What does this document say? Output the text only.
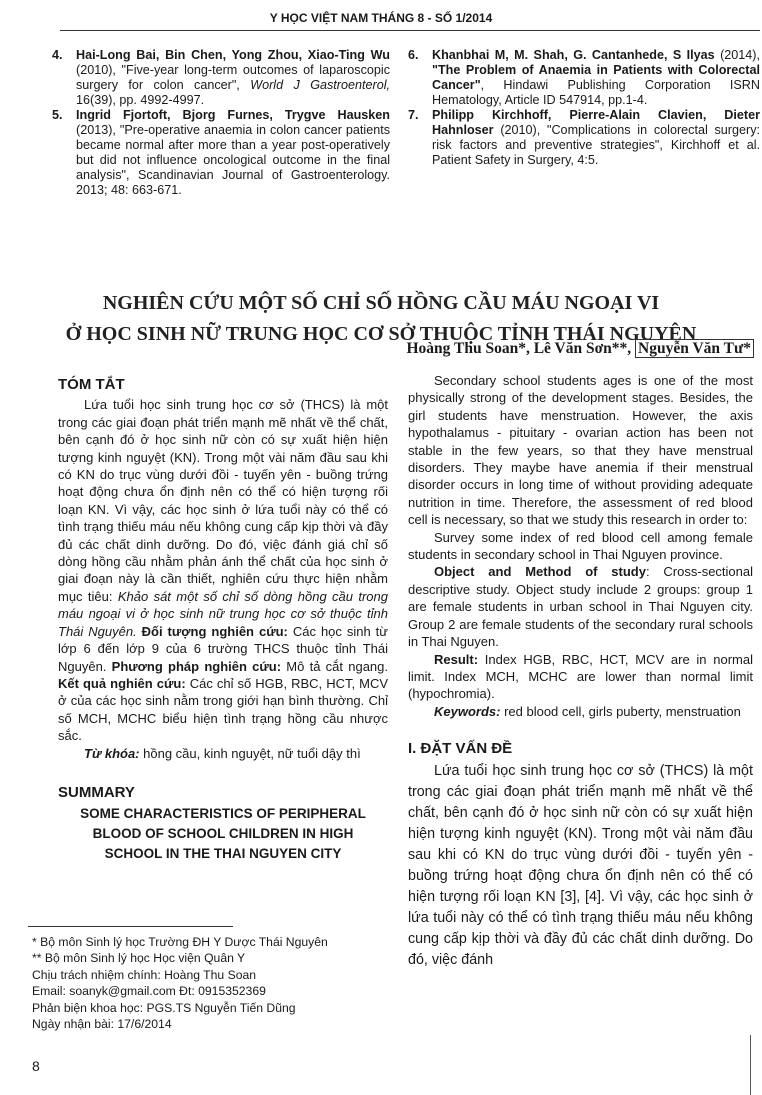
Y HỌC VIỆT NAM THÁNG 8 - SỐ 1/2014
4.	Hai-Long Bai, Bin Chen, Yong Zhou, Xiao-Ting Wu (2010), "Five-year long-term outcomes of laparoscopic surgery for colon cancer", World J Gastroenterol, 16(39), pp. 4992-4997.
5.	Ingrid Fjortoft, Bjorg Furnes, Trygve Hausken (2013), "Pre-operative anaemia in colon cancer patients became normal after more than a year post-operatively but did not influence oncological outcome in the final analysis", Scandinavian Journal of Gastroenterology. 2013; 48: 663-671.
6.	Khanbhai M, M. Shah, G. Cantanhede, S Ilyas (2014), "The Problem of Anaemia in Patients with Colorectal Cancer", Hindawi Publishing Corporation ISRN Hematology, Article ID 547914, pp.1-4.
7.	Philipp Kirchhoff, Pierre-Alain Clavien, Dieter Hahnloser (2010), "Complications in colorectal surgery: risk factors and preventive strategies", Kirchhoff et al. Patient Safety in Surgery, 4:5.
NGHIÊN CỨU MỘT SỐ CHỈ SỐ HỒNG CẦU MÁU NGOẠI VI
Ở HỌC SINH NỮ TRUNG HỌC CƠ SỞ THUỘC TỈNH THÁI NGUYÊN
Hoàng Thu Soan*, Lê Văn Sơn**, Nguyễn Văn Tư*
TÓM TẮT

Lứa tuổi học sinh trung học cơ sở (THCS) là một trong các giai đoạn phát triển mạnh mẽ nhất về thể chất, bên cạnh đó ở học sinh nữ còn có sự xuất hiện hiện tượng kinh nguyệt (KN). Trong một vài năm đầu sau khi có KN do trục vùng dưới đồi - tuyến yên - buồng trứng hoạt động chưa ổn định nên có thể có hiện tượng rối loạn KN. Vì vậy, các học sinh ở lứa tuổi này có thể có tình trạng thiếu máu nếu không cung cấp kịp thời và đầy đủ các chất dinh dưỡng. Do đó, việc đánh giá chỉ số dòng hồng cầu nhằm phản ánh thể chất của học sinh ở giai đoạn này là cần thiết, nghiên cứu thực hiện nhằm mục tiêu: Khảo sát một số chỉ số dòng hồng cầu trong máu ngoại vi ở học sinh nữ trung học cơ sở thuộc tỉnh Thái Nguyên. Đối tượng nghiên cứu: Các học sinh từ lớp 6 đến lớp 9 của 6 trường THCS thuộc tỉnh Thái Nguyên. Phương pháp nghiên cứu: Mô tả cắt ngang. Kết quả nghiên cứu: Các chỉ số HGB, RBC, HCT, MCV ở của các học sinh nằm trong giới hạn bình thường. Chỉ số MCH, MCHC biểu hiện tình trạng hồng cầu nhược sắc.

Từ khóa: hồng cầu, kinh nguyệt, nữ tuổi dậy thì

SUMMARY
SOME CHARACTERISTICS OF PERIPHERAL BLOOD OF SCHOOL CHILDREN IN HIGH SCHOOL IN THE THAI NGUYEN CITY

Secondary school students ages is one of the most physically strong of the development stages. Besides, the girl students have menstruation. However, the axis hypothalamus - pituitary - ovarian action has been not stable in the few years, so that they have menstrual disorders. They maybe have anemia if their menstrual disorder occurs in long time of without providing adequate nutrition in time. Therefore, the assessment of red blood cell is necessary, so that we study this research in order to:

Survey some index of red blood cell among female students in secondary school in Thai Nguyen province.

Object and Method of study: Cross-sectional descriptive study. Object study include 2 groups: group 1 are female students in urban school in Thai Nguyen city. Group 2 are female students of the secondary rural schools in Thai Nguyen.

Result: Index HGB, RBC, HCT, MCV are in normal limit. Index MCH, MCHC are lower than normal limit (hypochromia).

Keywords: red blood cell, girls puberty, menstruation

I. ĐẶT VẤN ĐỀ

Lứa tuổi học sinh trung học cơ sở (THCS) là một trong các giai đoạn phát triển mạnh mẽ nhất về thể chất, bên cạnh đó ở học sinh nữ còn có sự xuất hiện hiện tượng kinh nguyệt (KN). Trong một vài năm đầu sau khi có KN do trục vùng dưới đồi - tuyến yên - buồng trứng hoạt động chưa ổn định nên có thể có hiện tượng rối loạn KN [3], [4]. Vì vậy, các học sinh ở lứa tuổi này có thể có tình trạng thiếu máu nếu không cung cấp kịp thời và đầy đủ các chất dinh dưỡng. Do đó, việc đánh

* Bộ môn Sinh lý học Trường ĐH Y Dược Thái Nguyên
** Bộ môn Sinh lý học Học viện Quân Y
Chịu trách nhiệm chính: Hoàng Thu Soan
Email: soanyk@gmail.com Đt: 0915352369
Phản biện khoa học: PGS.TS Nguyễn Tiến Dũng
Ngày nhận bài: 17/6/2014
8
